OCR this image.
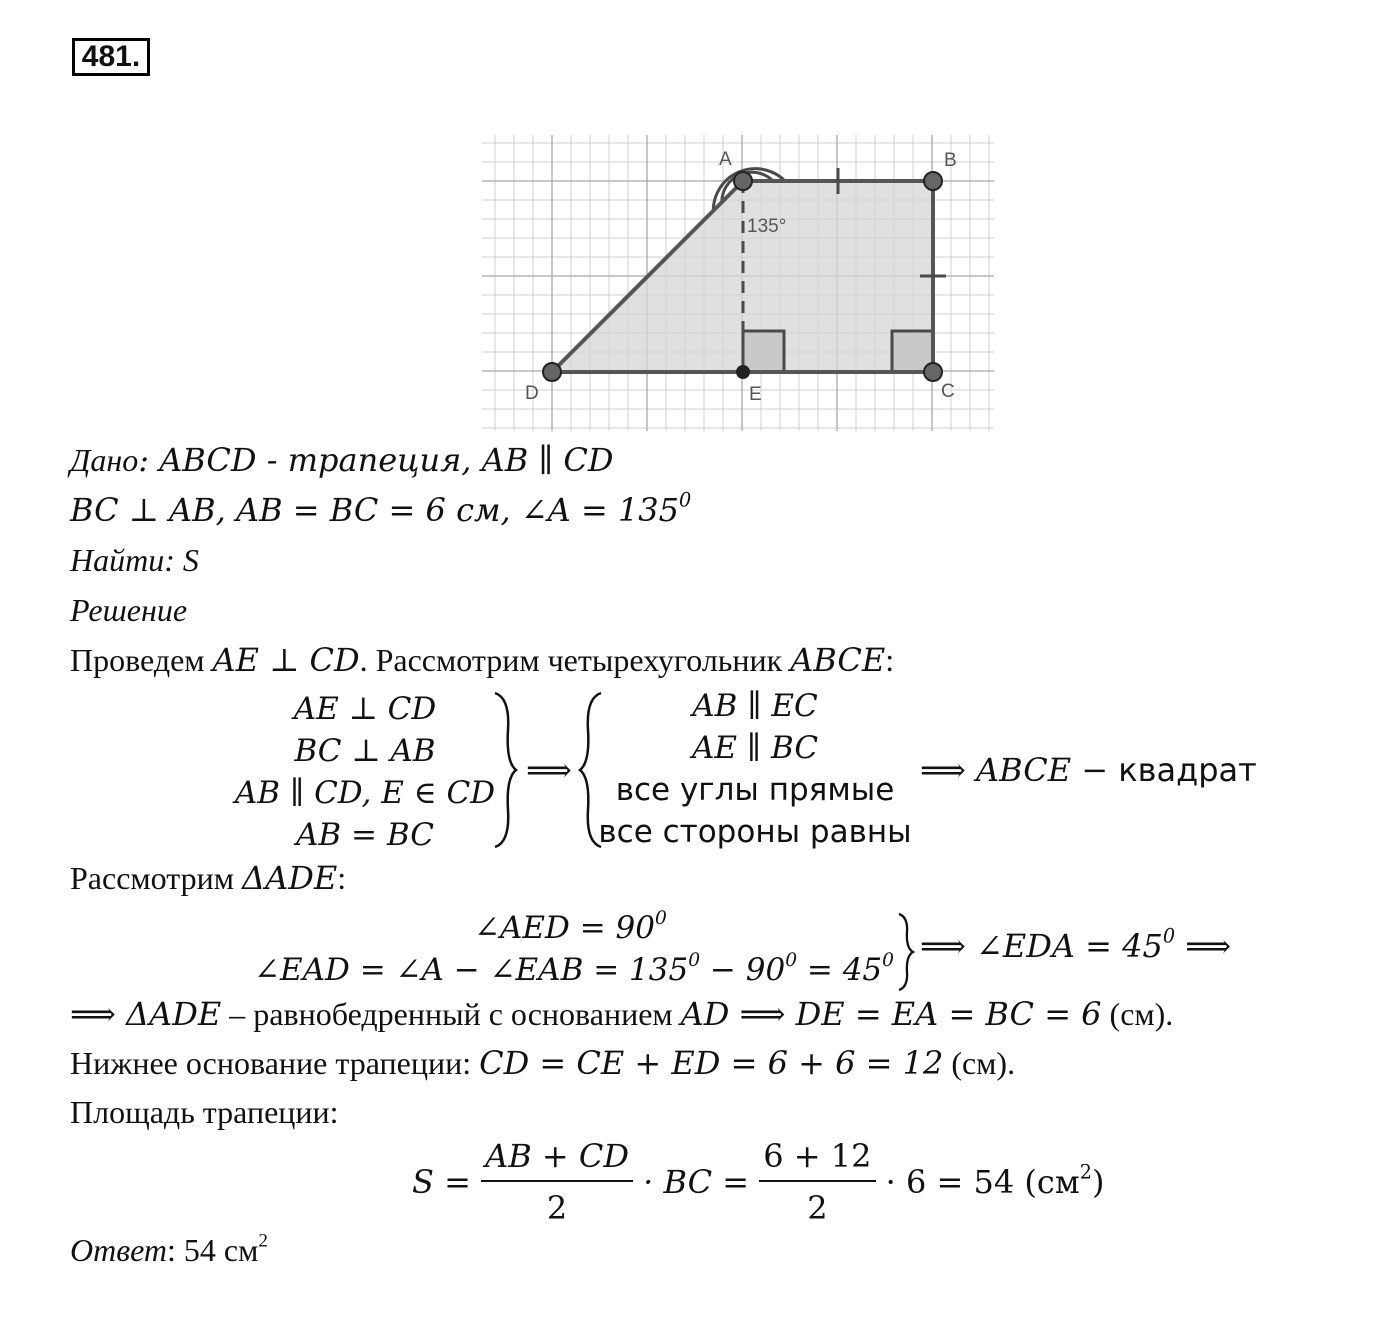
481.
A	B
C
D	E
135°
Дано: ABCD - трапеция, AB ∥ CD
BC ⊥ AB, AB = BC = 6 см, ∠A = $135^0$
Найти: S
Решение
Проведем AE ⊥ CD. Рассмотрим четырехугольник ABCE:
AE ⊥ CD
BC ⊥ AB
AB ∥ CD, E ∈ CD
AB = BC
⟹
AB ∥ EC
AE ∥ BC
все углы прямые
все стороны равны
⟹ ABCE − квадрат
Рассмотрим ΔADE:
∠AED = $90^0$
∠EAD = ∠A − ∠EAB = $135^0 - 90^0 = 45^0$ ⟹ ∠EDA = $45^0$ ⟹
⟹ ΔADE – равнобедренный с основанием AD ⟹ DE = EA = BC = 6 (см).
Нижнее основание трапеции: CD = CE + ED = 6 + 6 = 12 (см).
Площадь трапеции:
$S = \frac{AB + CD}{2}$ · BC = $\frac{6 + 12}{2} \cdot 6 = 54$ $(см^2)$
Ответ: 54 $см^2$
